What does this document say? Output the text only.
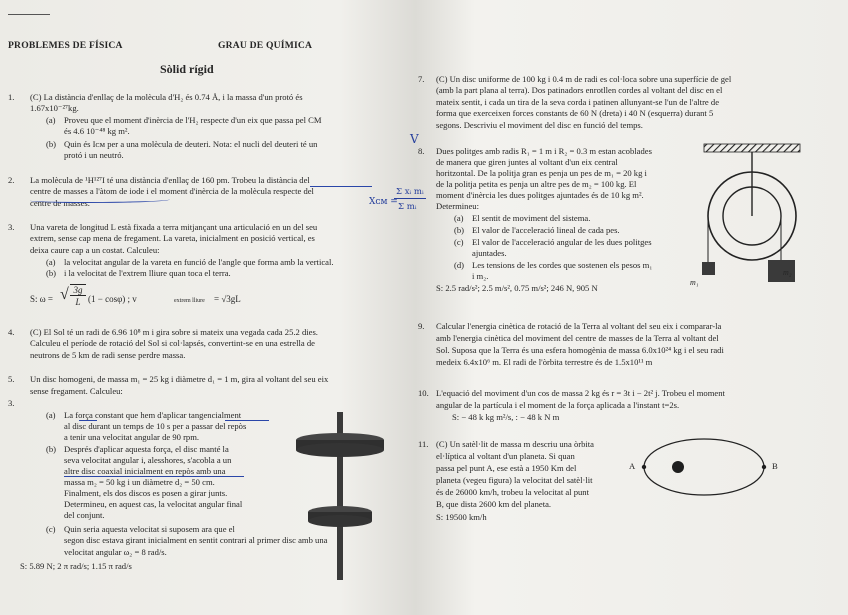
PROBLEMES DE FÍSICA	GRAU DE QUÍMICA
Sòlid rígid
1. (C) La distància d'enllaç de la molècula d'H₂ és 0.74 Å, i la massa d'un protó és
1.67x10⁻²⁷kg.
(a) Proveu que el moment d'inèrcia de l'H₂ respecte d'un eix que passa pel CM
és 4.6 10⁻⁴⁸ kg m².
(b) Quin és Iᴄᴍ per a una molècula de deuteri. Nota: el nucli del deuteri té un
protó i un neutró.
2. La molècula de ¹H¹²⁷I té una distància d'enllaç de 160 pm. Trobeu la distància del
centre de masses a l'àtom de iode i el moment d'inèrcia de la molècula respecte del
centre de masses.
3. Una vareta de longitud L està fixada a terra mitjançant una articulació en un del seu
extrem, sense cap mena de fregament. La vareta, inicialment en posició vertical, es
deixa caure cap a un costat. Calculeu:
(a) la velocitat angular de la vareta en funció de l'angle que forma amb la vertical.
(b) i la velocitat de l'extrem lliure quan toca el terra.
S: ω = √ 3g
L (1 − cosφ) ; v	extrem lliure = √3gL
4. (C) El Sol té un radi de 6.96 10⁸ m i gira sobre si mateix una vegada cada 25.2 dies.
Calculeu el període de rotació del Sol si col·lapsés, convertint-se en una estrella de
neutrons de 5 km de radi sense perdre massa.
5. Un disc homogeni, de massa m₁ = 25 kg i diàmetre d₁ = 1 m, gira al voltant del seu eix
sense fregament. Calculeu:
3.
(a) La força constant que hem d'aplicar tangencialment
al disc durant un temps de 10 s per a passar del repòs
a tenir una velocitat angular de 90 rpm.
(b) Després d'aplicar aquesta força, el disc manté la
seva velocitat angular i, alesshores, s'acobla a un
altre disc coaxial inicialment en repòs amb una
massa m₂ = 50 kg i un diàmetre d₂ = 50 cm.
Finalment, els dos discos es posen a girar junts.
Determineu, en aquest cas, la velocitat angular final
del conjunt.
(c) Quin seria aquesta velocitat si suposem ara que el
segon disc estava girant inicialment en sentit contrari al primer disc amb una
velocitat angular ω₂ = 8 rad/s.
S: 5.89 N; 2 π rad/s; 1.15 π rad/s
V
Xᴄᴍ =
Σ xᵢ mᵢ
Σ mᵢ
7. (C) Un disc uniforme de 100 kg i 0.4 m de radi es col·loca sobre una superfície de gel
(amb la part plana al terra). Dos patinadors enrotllen cordes al voltant del disc en el
mateix sentit, i cada un tira de la seva corda i patinen allunyant-se l'un de l'altre de
forma que exerceixen forces constants de 60 N (dreta) i 40 N (esquerra) durant 5
segons. Descriviu el moviment del disc en funció del temps.
8. Dues politges amb radis R₁ = 1 m i R₂ = 0.3 m estan acoblades
de manera que giren juntes al voltant d'un eix central
horitzontal. De la politja gran es penja un pes de m₁ = 20 kg i
de la politja petita es penja un altre pes de m₂ = 100 kg. El
moment d'inèrcia les dues politges ajuntades és de 10 kg m².
Determineu:
(a) El sentit de moviment del sistema.
(b) El valor de l'acceleració lineal de cada pes.
(c) El valor de l'acceleració angular de les dues politges
ajuntades.
(d) Les tensions de les cordes que sostenen els pesos m₁
i m₂.
S: 2.5 rad/s²; 2.5 m/s², 0.75 m/s²; 246 N, 905 N
m₁
m₂
9. Calcular l'energia cinètica de rotació de la Terra al voltant del seu eix i comparar-la
amb l'energia cinètica del moviment del centre de masses de la Terra al voltant del
Sol. Suposa que la Terra és una esfera homogènia de massa 6.0x10²⁴ kg i el seu radi
medeix 6.4x10⁶ m. El radi de l'òrbita terrestre és de 1.5x10¹¹ m
10. L'equació del moviment d'un cos de massa 2 kg és r = 3t i − 2t² j. Trobeu el moment
angular de la partícula i el moment de la força aplicada a l'instant t=2s.
S: − 48 k kg m²/s, : − 48 k N m
11. (C) Un satèl·lit de massa m descriu una òrbita
el·líptica al voltant d'un planeta. Si quan
passa pel punt A, ese està a 1950 Km del
planeta (vegeu figura) la velocitat del satèl·lit
és de 26000 km/h, trobeu la velocitat al punt
B, que dista 2600 km del planeta.
S: 19500 km/h
A	B
